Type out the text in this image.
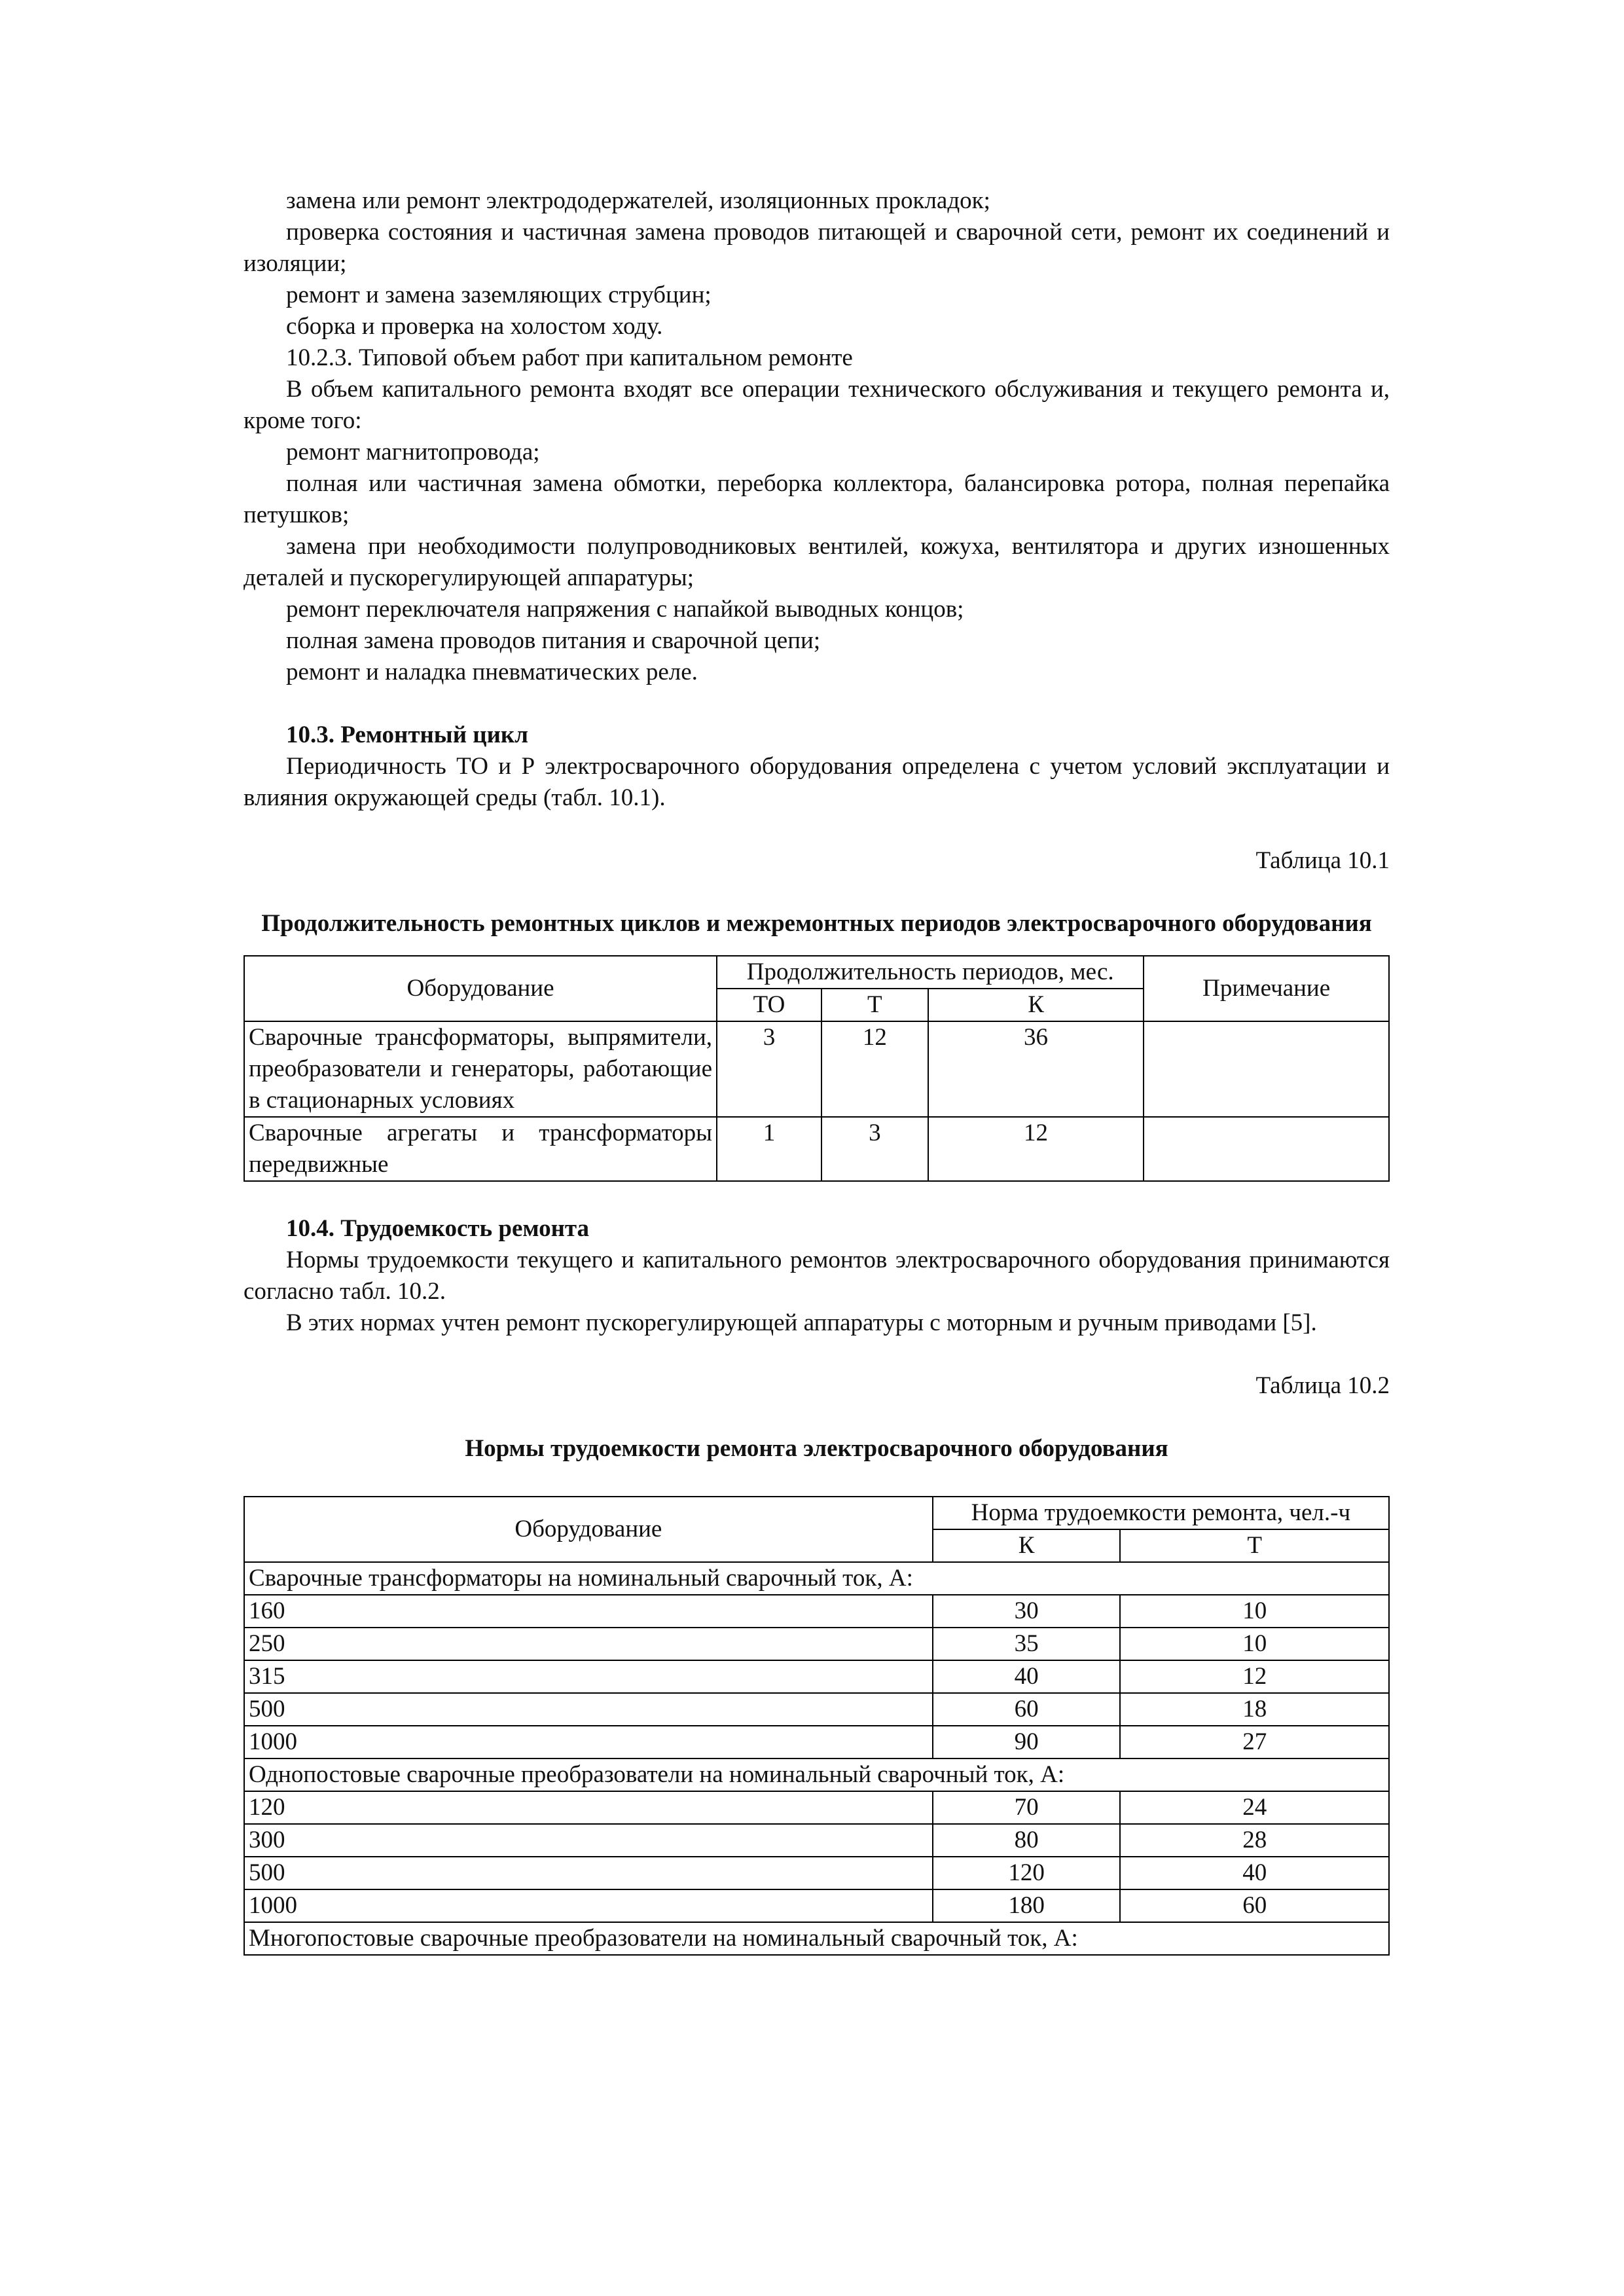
замена или ремонт электрододержателей, изоляционных прокладок;

проверка состояния и частичная замена проводов питающей и сварочной сети, ремонт их соединений и изоляции;

ремонт и замена заземляющих струбцин;

сборка и проверка на холостом ходу.

10.2.3. Типовой объем работ при капитальном ремонте

В объем капитального ремонта входят все операции технического обслуживания и текущего ремонта и, кроме того:

ремонт магнитопровода;

полная или частичная замена обмотки, переборка коллектора, балансировка ротора, полная перепайка петушков;

замена при необходимости полупроводниковых вентилей, кожуха, вентилятора и других изношенных деталей и пускорегулирующей аппаратуры;

ремонт переключателя напряжения с напайкой выводных концов;

полная замена проводов питания и сварочной цепи;

ремонт и наладка пневматических реле.

10.3. Ремонтный цикл

Периодичность ТО и Р электросварочного оборудования определена с учетом условий эксплуатации и влияния окружающей среды (табл. 10.1).

Таблица 10.1

Продолжительность ремонтных циклов и межремонтных периодов электросварочного оборудования

Оборудование	Продолжительность периодов, мес.			Примечание
	ТО	Т	К	
Сварочные трансформаторы, выпрямители, преобразователи и генераторы, работающие в стационарных условиях	3	12	36	
Сварочные агрегаты и трансформаторы передвижные	1	3	12	

10.4. Трудоемкость ремонта

Нормы трудоемкости текущего и капитального ремонтов электросварочного оборудования принимаются согласно табл. 10.2.

В этих нормах учтен ремонт пускорегулирующей аппаратуры с моторным и ручным приводами [5].

Таблица 10.2

Нормы трудоемкости ремонта электросварочного оборудования

Оборудование	Норма трудоемкости ремонта, чел.-ч	
	К	Т
Сварочные трансформаторы на номинальный сварочный ток, А:		
160	30	10
250	35	10
315	40	12
500	60	18
1000	90	27
Однопостовые сварочные преобразователи на номинальный сварочный ток, А:		
120	70	24
300	80	28
500	120	40
1000	180	60
Многопостовые сварочные преобразователи на номинальный сварочный ток, А:		
